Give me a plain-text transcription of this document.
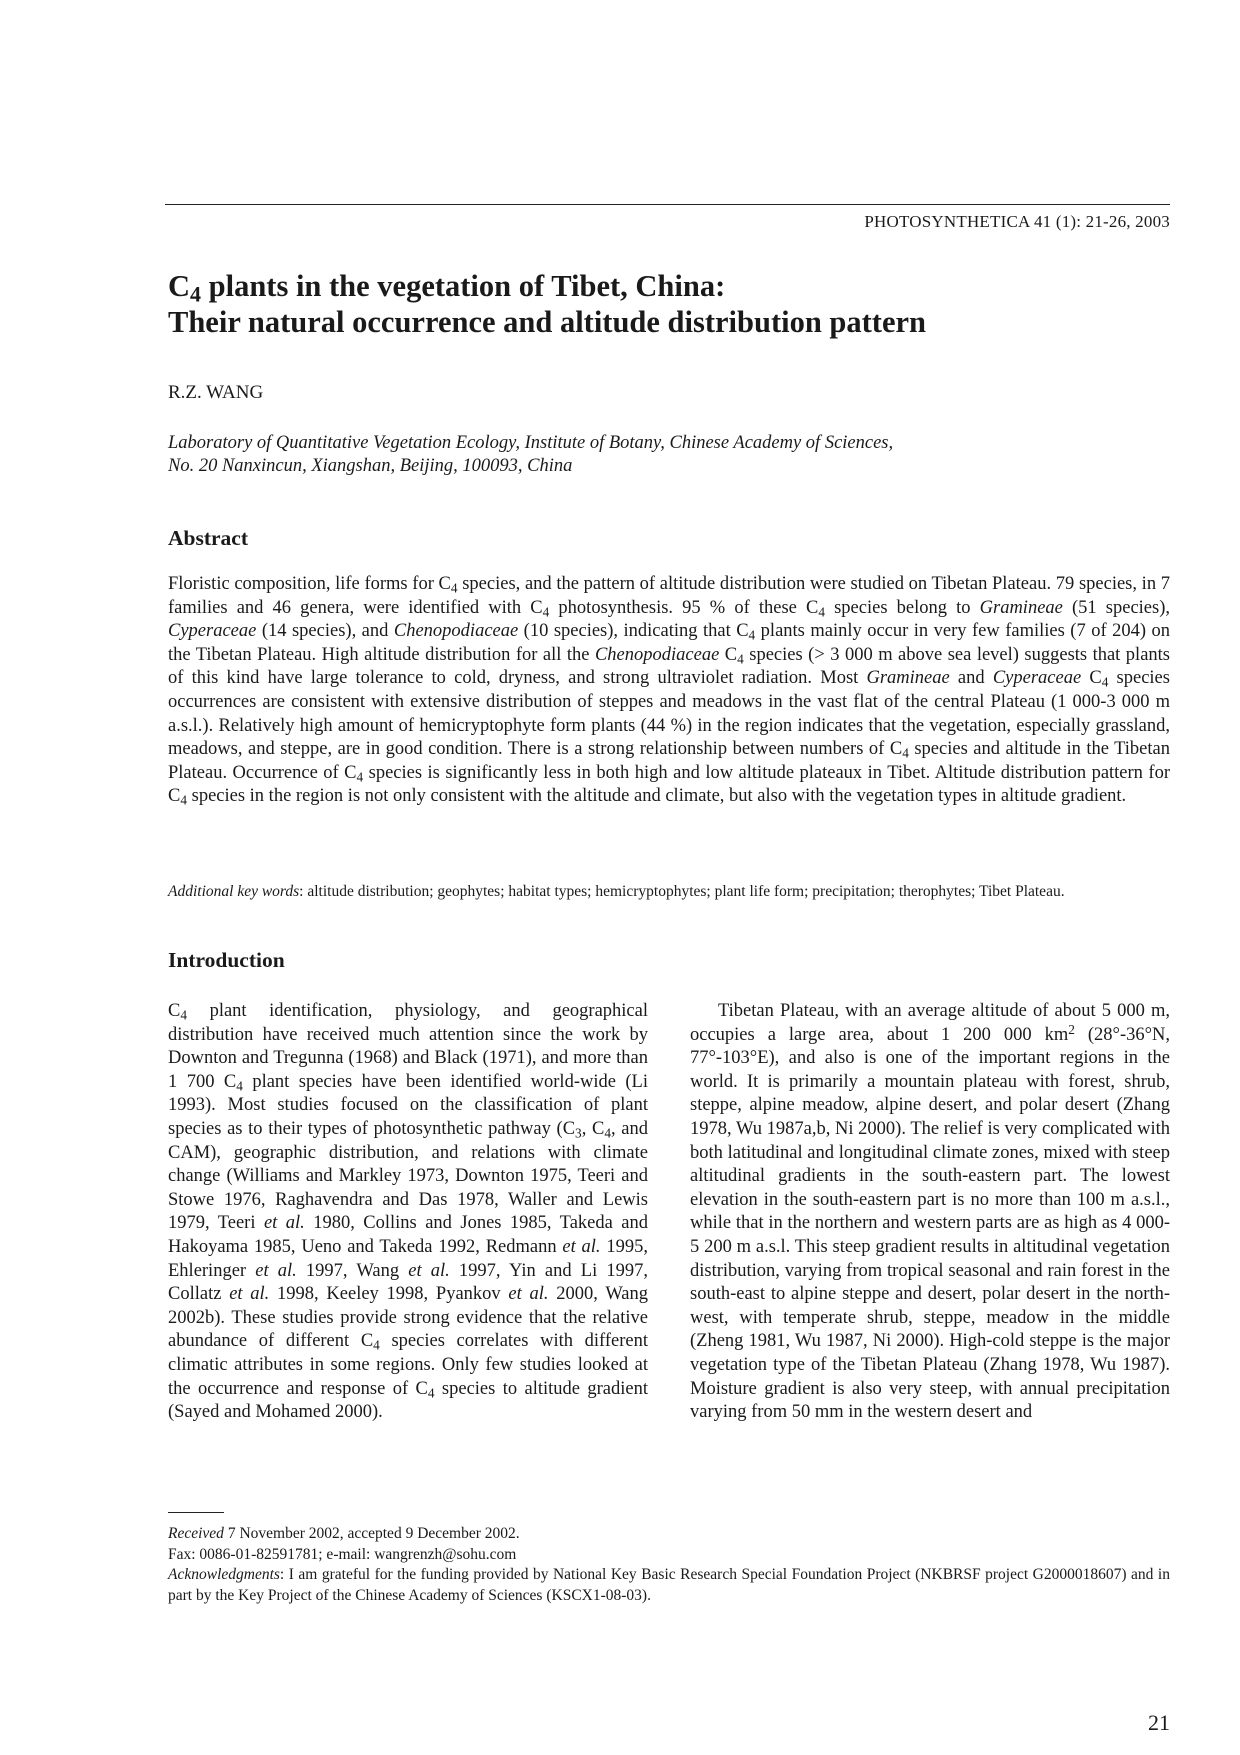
PHOTOSYNTHETICA 41 (1): 21-26, 2003
$C_4$ plants in the vegetation of Tibet, China:
Their natural occurrence and altitude distribution pattern
R.Z. WANG
Laboratory of Quantitative Vegetation Ecology, Institute of Botany, Chinese Academy of Sciences,
No. 20 Nanxincun, Xiangshan, Beijing, 100093, China
Abstract
Floristic composition, life forms for $C_4$ species, and the pattern of altitude distribution were studied on Tibetan Plateau. 79 species, in 7 families and 46 genera, were identified with $C_4$ photosynthesis. 95 % of these $C_4$ species belong to Gramineae (51 species), Cyperaceae (14 species), and Chenopodiaceae (10 species), indicating that $C_4$ plants mainly occur in very few families (7 of 204) on the Tibetan Plateau. High altitude distribution for all the Chenopodiaceae $C_4$ species (> 3 000 m above sea level) suggests that plants of this kind have large tolerance to cold, dryness, and strong ultraviolet radiation. Most Gramineae and Cyperaceae $C_4$ species occurrences are consistent with extensive distribution of steppes and meadows in the vast flat of the central Plateau (1 000-3 000 m a.s.l.). Relatively high amount of hemicryptophyte form plants (44 %) in the region indicates that the vegetation, especially grassland, meadows, and steppe, are in good condition. There is a strong relationship between numbers of $C_4$ species and altitude in the Tibetan Plateau. Occurrence of $C_4$ species is significantly less in both high and low altitude plateaux in Tibet. Altitude distribution pattern for $C_4$ species in the region is not only consistent with the altitude and climate, but also with the vegetation types in altitude gradient.
Additional key words: altitude distribution; geophytes; habitat types; hemicryptophytes; plant life form; precipitation; therophytes; Tibet Plateau.
Introduction

$C_4$ plant identification, physiology, and geographical distribution have received much attention since the work by Downton and Tregunna (1968) and Black (1971), and more than 1 700 $C_4$ plant species have been identified world-wide (Li 1993). Most studies focused on the classification of plant species as to their types of photosynthetic pathway ($C_3$, $C_4$, and CAM), geographic distribution, and relations with climate change (Williams and Markley 1973, Downton 1975, Teeri and Stowe 1976, Raghavendra and Das 1978, Waller and Lewis 1979, Teeri et al. 1980, Collins and Jones 1985, Takeda and Hakoyama 1985, Ueno and Takeda 1992, Redmann et al. 1995, Ehleringer et al. 1997, Wang et al. 1997, Yin and Li 1997, Collatz et al. 1998, Keeley 1998, Pyankov et al. 2000, Wang 2002b). These studies provide strong evidence that the relative abundance of different $C_4$ species correlates with different climatic attributes in some regions. Only few studies looked at the occurrence and response of $C_4$ species to altitude gradient (Sayed and Mohamed 2000).

Tibetan Plateau, with an average altitude of about 5 000 m, occupies a large area, about 1 200 000 $km^2$ (28°-36°N, 77°-103°E), and also is one of the important regions in the world. It is primarily a mountain plateau with forest, shrub, steppe, alpine meadow, alpine desert, and polar desert (Zhang 1978, Wu 1987a,b, Ni 2000). The relief is very complicated with both latitudinal and longitudinal climate zones, mixed with steep altitudinal gradients in the south-eastern part. The lowest elevation in the south-eastern part is no more than 100 m a.s.l., while that in the northern and western parts are as high as 4 000-5 200 m a.s.l. This steep gradient results in altitudinal vegetation distribution, varying from tropical seasonal and rain forest in the south-east to alpine steppe and desert, polar desert in the north-west, with temperate shrub, steppe, meadow in the middle (Zheng 1981, Wu 1987, Ni 2000). High-cold steppe is the major vegetation type of the Tibetan Plateau (Zhang 1978, Wu 1987). Moisture gradient is also very steep, with annual precipitation varying from 50 mm in the western desert and

Received 7 November 2002, accepted 9 December 2002.
Fax: 0086-01-82591781; e-mail: wangrenzh@sohu.com
Acknowledgments: I am grateful for the funding provided by National Key Basic Research Special Foundation Project (NKBRSF project G2000018607) and in part by the Key Project of the Chinese Academy of Sciences (KSCX1-08-03).
21
